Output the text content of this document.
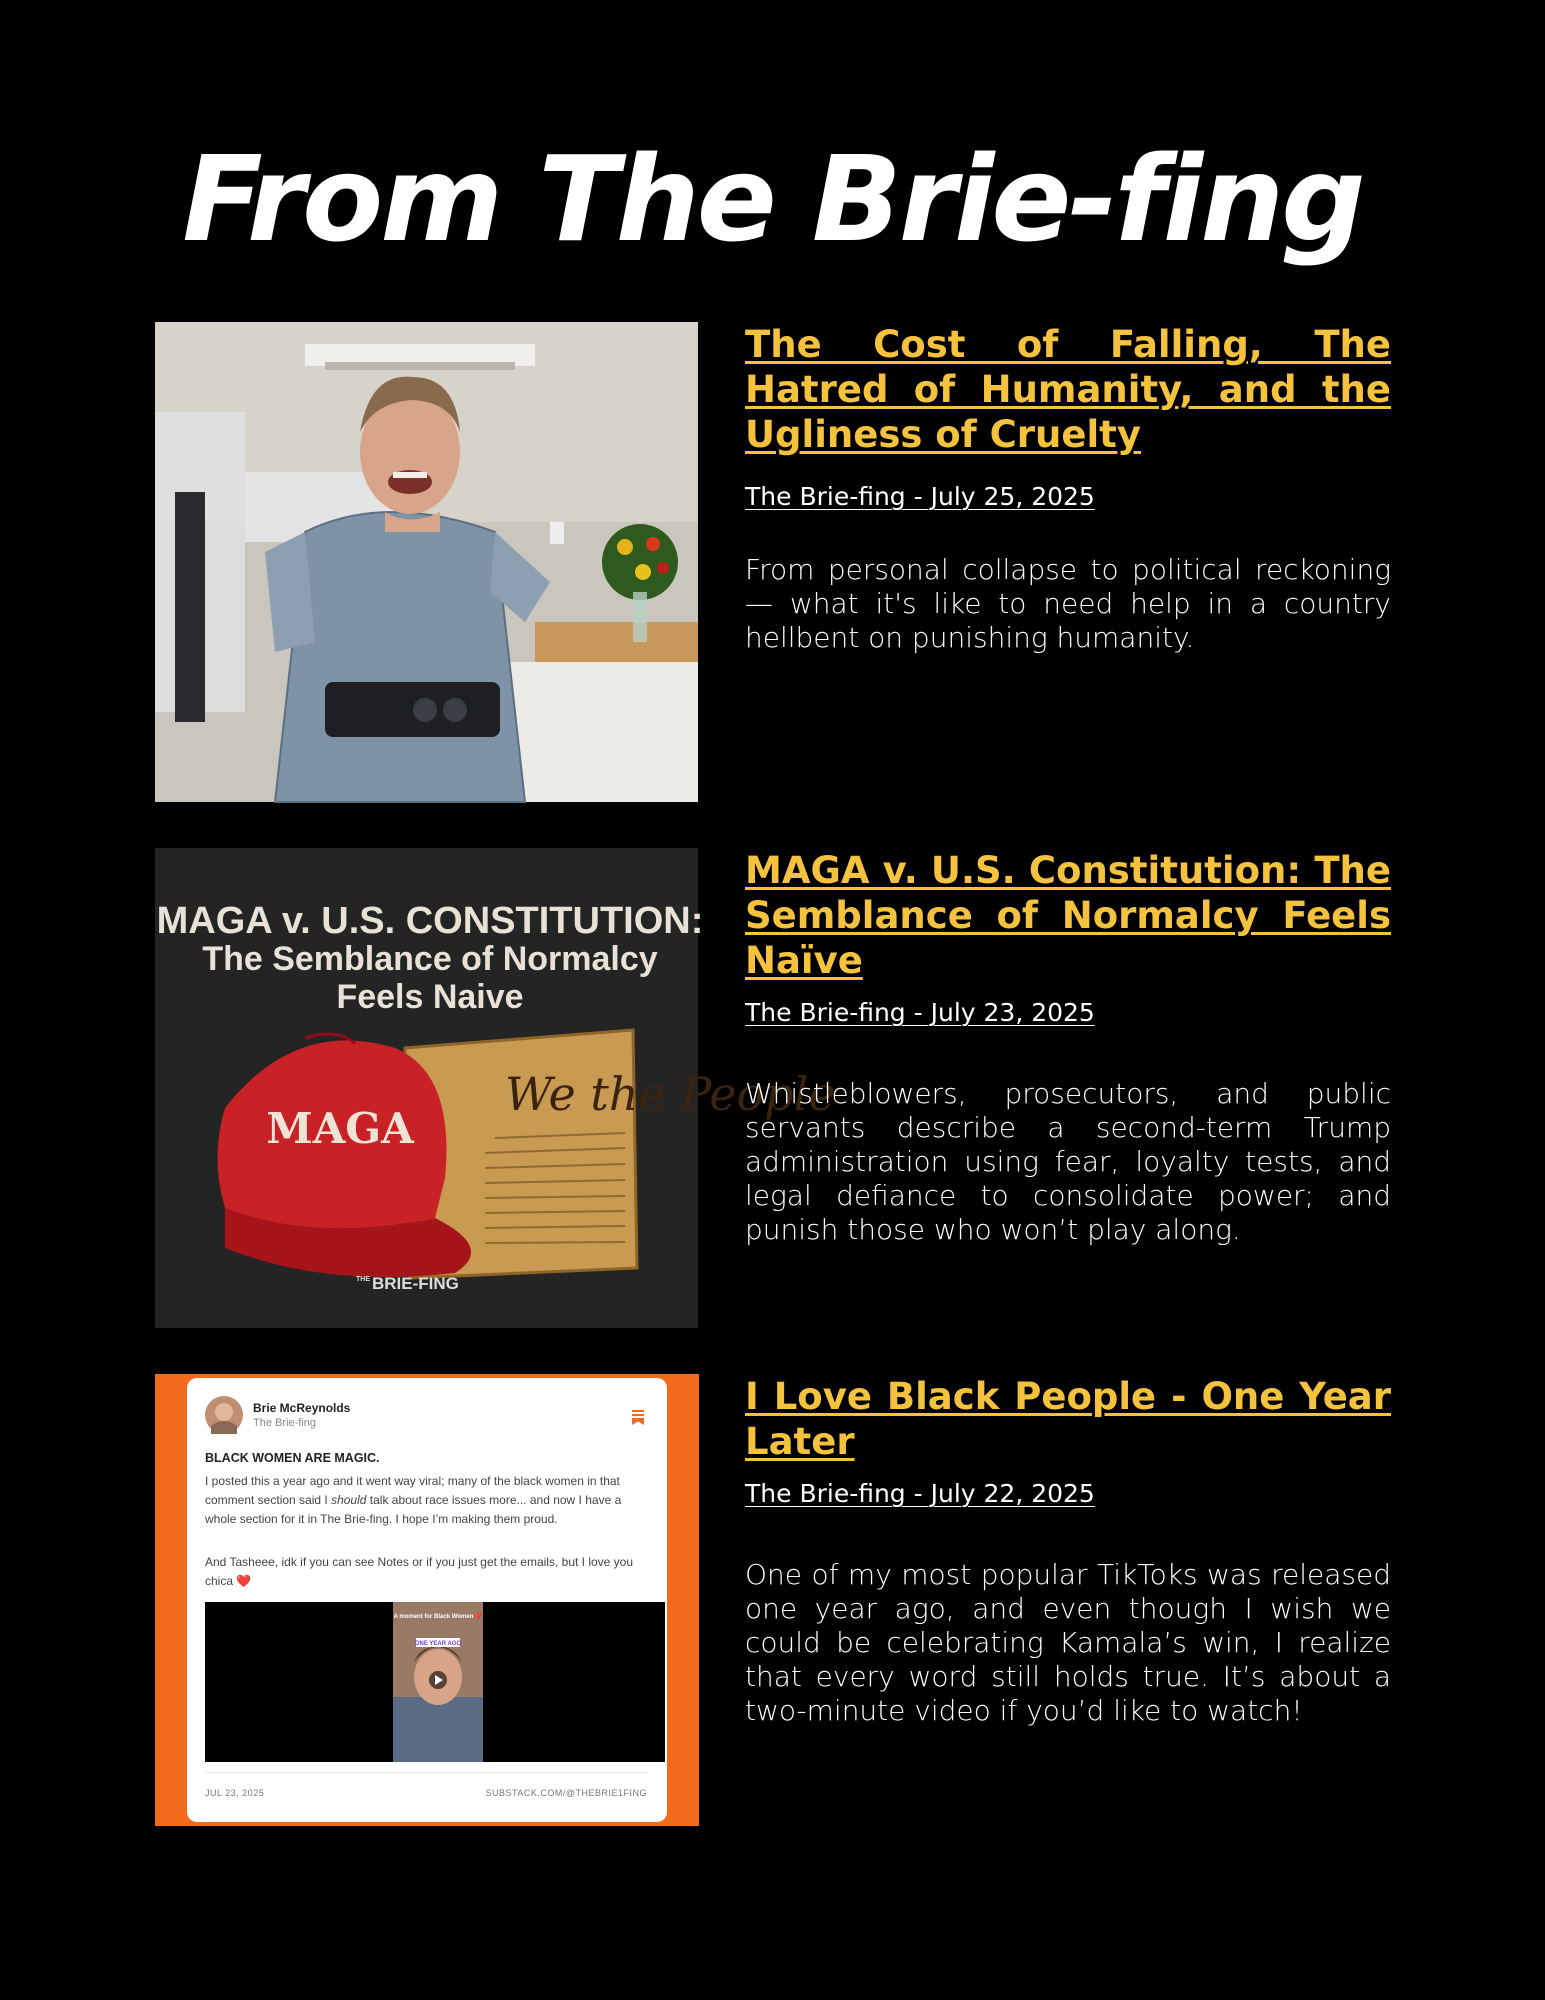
From The Brie-fing
The Cost of Falling, The Hatred of Humanity, and the Ugliness of Cruelty
The Brie-fing - July 25, 2025

From personal collapse to political reckoning — what it's like to need help in a country hellbent on punishing humanity.

MAGA v. U.S. CONSTITUTION:
The Semblance of Normalcy
Feels Naive
We the People
MAGA
THE BRIE-FING
MAGA v. U.S. Constitution: The Semblance of Normalcy Feels Naïve
The Brie-fing - July 23, 2025

Whistleblowers, prosecutors, and public servants describe a second-term Trump administration using fear, loyalty tests, and legal defiance to consolidate power; and punish those who won’t play along.

Brie McReynolds
The Brie-fing
BLACK WOMEN ARE MAGIC.

I posted this a year ago and it went way viral; many of the black women in that comment section said I should talk about race issues more... and now I have a whole section for it in The Brie-fing. I hope I’m making them proud.

And Tasheee, idk if you can see Notes or if you just get the emails, but I love you chica ❤️

A moment for Black Women ❤️
ONE YEAR AGO
JUL 23, 2025	SUBSTACK.COM/@THEBRIE1FING
I Love Black People - One Year Later
The Brie-fing - July 22, 2025

One of my most popular TikToks was released one year ago, and even though I wish we could be celebrating Kamala’s win, I realize that every word still holds true. It’s about a two-minute video if you’d like to watch!
